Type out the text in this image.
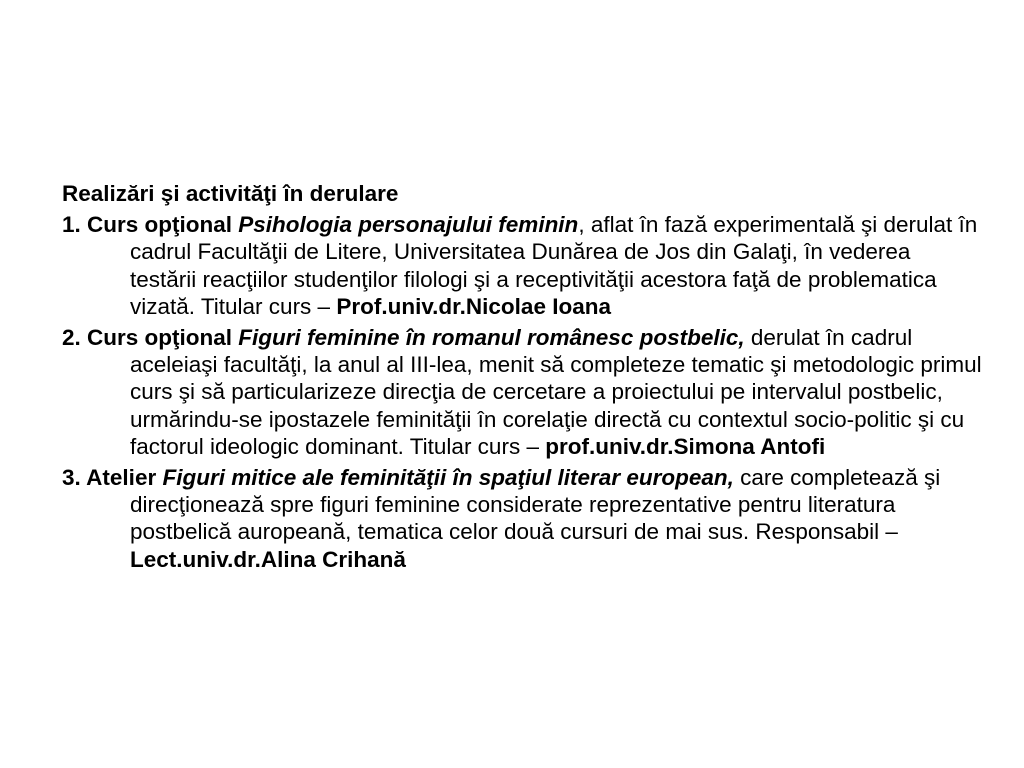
Realizări şi activităţi în derulare

1. Curs opţional Psihologia personajului feminin, aflat în fază experimentală şi derulat în cadrul Facultăţii de Litere, Universitatea Dunărea de Jos din Galaţi, în vederea testării reacţiilor studenţilor filologi şi a receptivităţii acestora faţă de problematica vizată. Titular curs – Prof.univ.dr.Nicolae Ioana

2. Curs opţional Figuri feminine în romanul românesc postbelic, derulat în cadrul aceleiaşi facultăţi, la anul al III-lea, menit să completeze tematic şi metodologic primul curs şi să particularizeze direcţia de cercetare a proiectului pe intervalul postbelic, urmărindu-se ipostazele feminităţii în corelaţie directă cu contextul socio-politic şi cu factorul ideologic dominant. Titular curs – prof.univ.dr.Simona Antofi

3. Atelier Figuri mitice ale feminităţii în spaţiul literar european, care completează şi direcţionează spre figuri feminine considerate reprezentative pentru literatura postbelică auropeană, tematica celor două cursuri de mai sus. Responsabil – Lect.univ.dr.Alina Crihană
